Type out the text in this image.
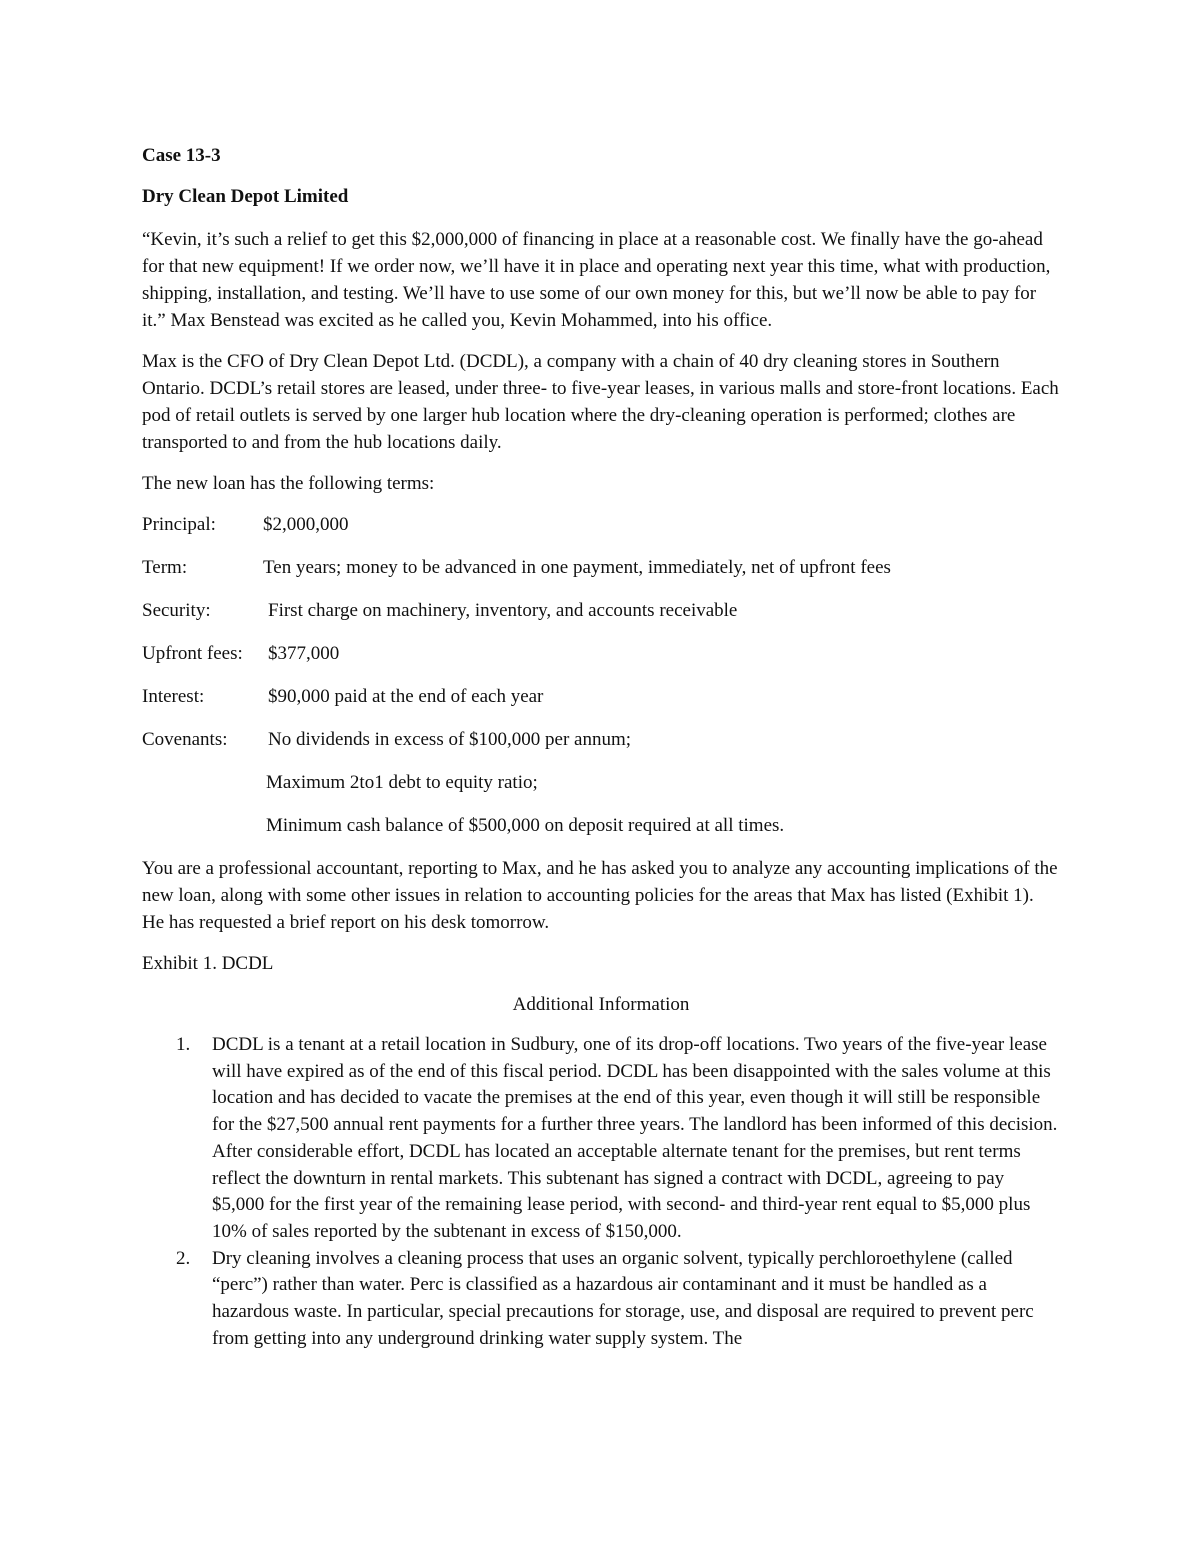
Case 13-3
Dry Clean Depot Limited

“Kevin, it’s such a relief to get this $2,000,000 of financing in place at a reasonable cost. We finally have the go-ahead for that new equipment! If we order now, we’ll have it in place and operating next year this time, what with production, shipping, installation, and testing. We’ll have to use some of our own money for this, but we’ll now be able to pay for it.” Max Benstead was excited as he called you, Kevin Mohammed, into his office.

Max is the CFO of Dry Clean Depot Ltd. (DCDL), a company with a chain of 40 dry cleaning stores in Southern Ontario. DCDL’s retail stores are leased, under three- to five-year leases, in various malls and store-front locations. Each pod of retail outlets is served by one larger hub location where the dry-cleaning operation is performed; clothes are transported to and from the hub locations daily.

The new loan has the following terms:

Principal:	$2,000,000
Term:	Ten years; money to be advanced in one payment, immediately, net of upfront fees
Security:	First charge on machinery, inventory, and accounts receivable
Upfront fees:	$377,000
Interest:	$90,000 paid at the end of each year
Covenants:	No dividends in excess of $100,000 per annum;
Maximum 2to1 debt to equity ratio;
Minimum cash balance of $500,000 on deposit required at all times.

You are a professional accountant, reporting to Max, and he has asked you to analyze any accounting implications of the new loan, along with some other issues in relation to accounting policies for the areas that Max has listed (Exhibit 1). He has requested a brief report on his desk tomorrow.

Exhibit 1. DCDL
Additional Information
1.	DCDL is a tenant at a retail location in Sudbury, one of its drop-off locations. Two years of the five-year lease will have expired as of the end of this fiscal period. DCDL has been disappointed with the sales volume at this location and has decided to vacate the premises at the end of this year, even though it will still be responsible for the $27,500 annual rent payments for a further three years. The landlord has been informed of this decision. After considerable effort, DCDL has located an acceptable alternate tenant for the premises, but rent terms reflect the downturn in rental markets. This subtenant has signed a contract with DCDL, agreeing to pay $5,000 for the first year of the remaining lease period, with second- and third-year rent equal to $5,000 plus 10% of sales reported by the subtenant in excess of $150,000.
2.	Dry cleaning involves a cleaning process that uses an organic solvent, typically perchloroethylene (called “perc”) rather than water. Perc is classified as a hazardous air contaminant and it must be handled as a hazardous waste. In particular, special precautions for storage, use, and disposal are required to prevent perc from getting into any underground drinking water supply system. The
